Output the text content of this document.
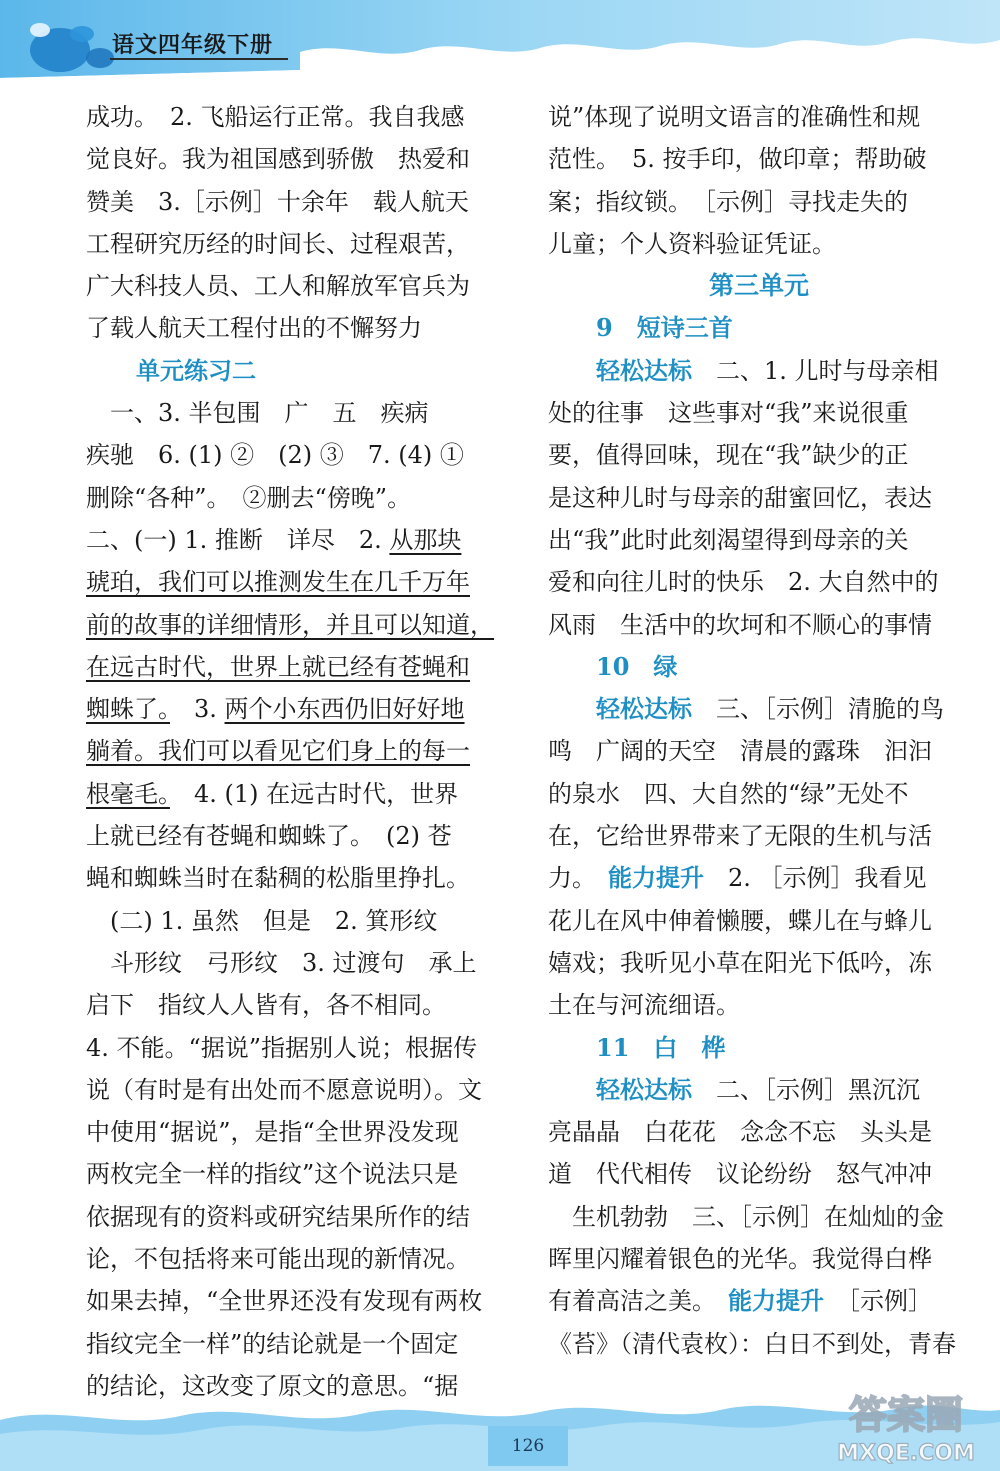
语文四年级下册
成功。　2. 飞船运行正常。我自我感
觉良好。我为祖国感到骄傲　热爱和
赞美　3.［示例］十余年　载人航天
工程研究历经的时间长、过程艰苦，
广大科技人员、工人和解放军官兵为
了载人航天工程付出的不懈努力
单元练习二
　一、3. 半包围　广　五　疾病
疾驰　6. (1) ②　(2) ③　7. (4) ①
删除“各种”。　②删去“傍晚”。
二、(一) 1. 推断　详尽　2. 从那块
琥珀，我们可以推测发生在几千万年
前的故事的详细情形，并且可以知道，
在远古时代，世界上就已经有苍蝇和
蜘蛛了。　3. 两个小东西仍旧好好地
躺着。我们可以看见它们身上的每一
根毫毛。　4. (1) 在远古时代，世界
上就已经有苍蝇和蜘蛛了。　(2) 苍
蝇和蜘蛛当时在黏稠的松脂里挣扎。
　(二) 1. 虽然　但是　2. 箕形纹
　斗形纹　弓形纹　3. 过渡句　承上
启下　指纹人人皆有，各不相同。
4. 不能。“据说”指据别人说；根据传
说（有时是有出处而不愿意说明）。文
中使用“据说”，是指“全世界没发现
两枚完全一样的指纹”这个说法只是
依据现有的资料或研究结果所作的结
论，不包括将来可能出现的新情况。
如果去掉，“全世界还没有发现有两枚
指纹完全一样”的结论就是一个固定
的结论，这改变了原文的意思。“据
说”体现了说明文语言的准确性和规
范性。　5. 按手印，做印章；帮助破
案；指纹锁。　［示例］寻找走失的
儿童；个人资料验证凭证。
第三单元
9　短诗三首
轻松达标　二、1. 儿时与母亲相
处的往事　这些事对“我”来说很重
要，值得回味，现在“我”缺少的正
是这种儿时与母亲的甜蜜回忆，表达
出“我”此时此刻渴望得到母亲的关
爱和向往儿时的快乐　2. 大自然中的
风雨　生活中的坎坷和不顺心的事情
10　绿
轻松达标　三、［示例］清脆的鸟
鸣　广阔的天空　清晨的露珠　汩汩
的泉水　四、大自然的“绿”无处不
在，它给世界带来了无限的生机与活
力。　 能力提升　2. ［示例］我看见
花儿在风中伸着懒腰，蝶儿在与蜂儿
嬉戏；我听见小草在阳光下低吟，冻
土在与河流细语。
11　白　桦
轻松达标　二、［示例］黑沉沉
亮晶晶　白花花　念念不忘　头头是
道　代代相传　议论纷纷　怒气冲冲
　生机勃勃　三、［示例］在灿灿的金
晖里闪耀着银色的光华。我觉得白桦
有着高洁之美。　 能力提升　［示例］
《苔》（清代袁枚）：白日不到处，青春
126
答案圈
MXQE.COM
